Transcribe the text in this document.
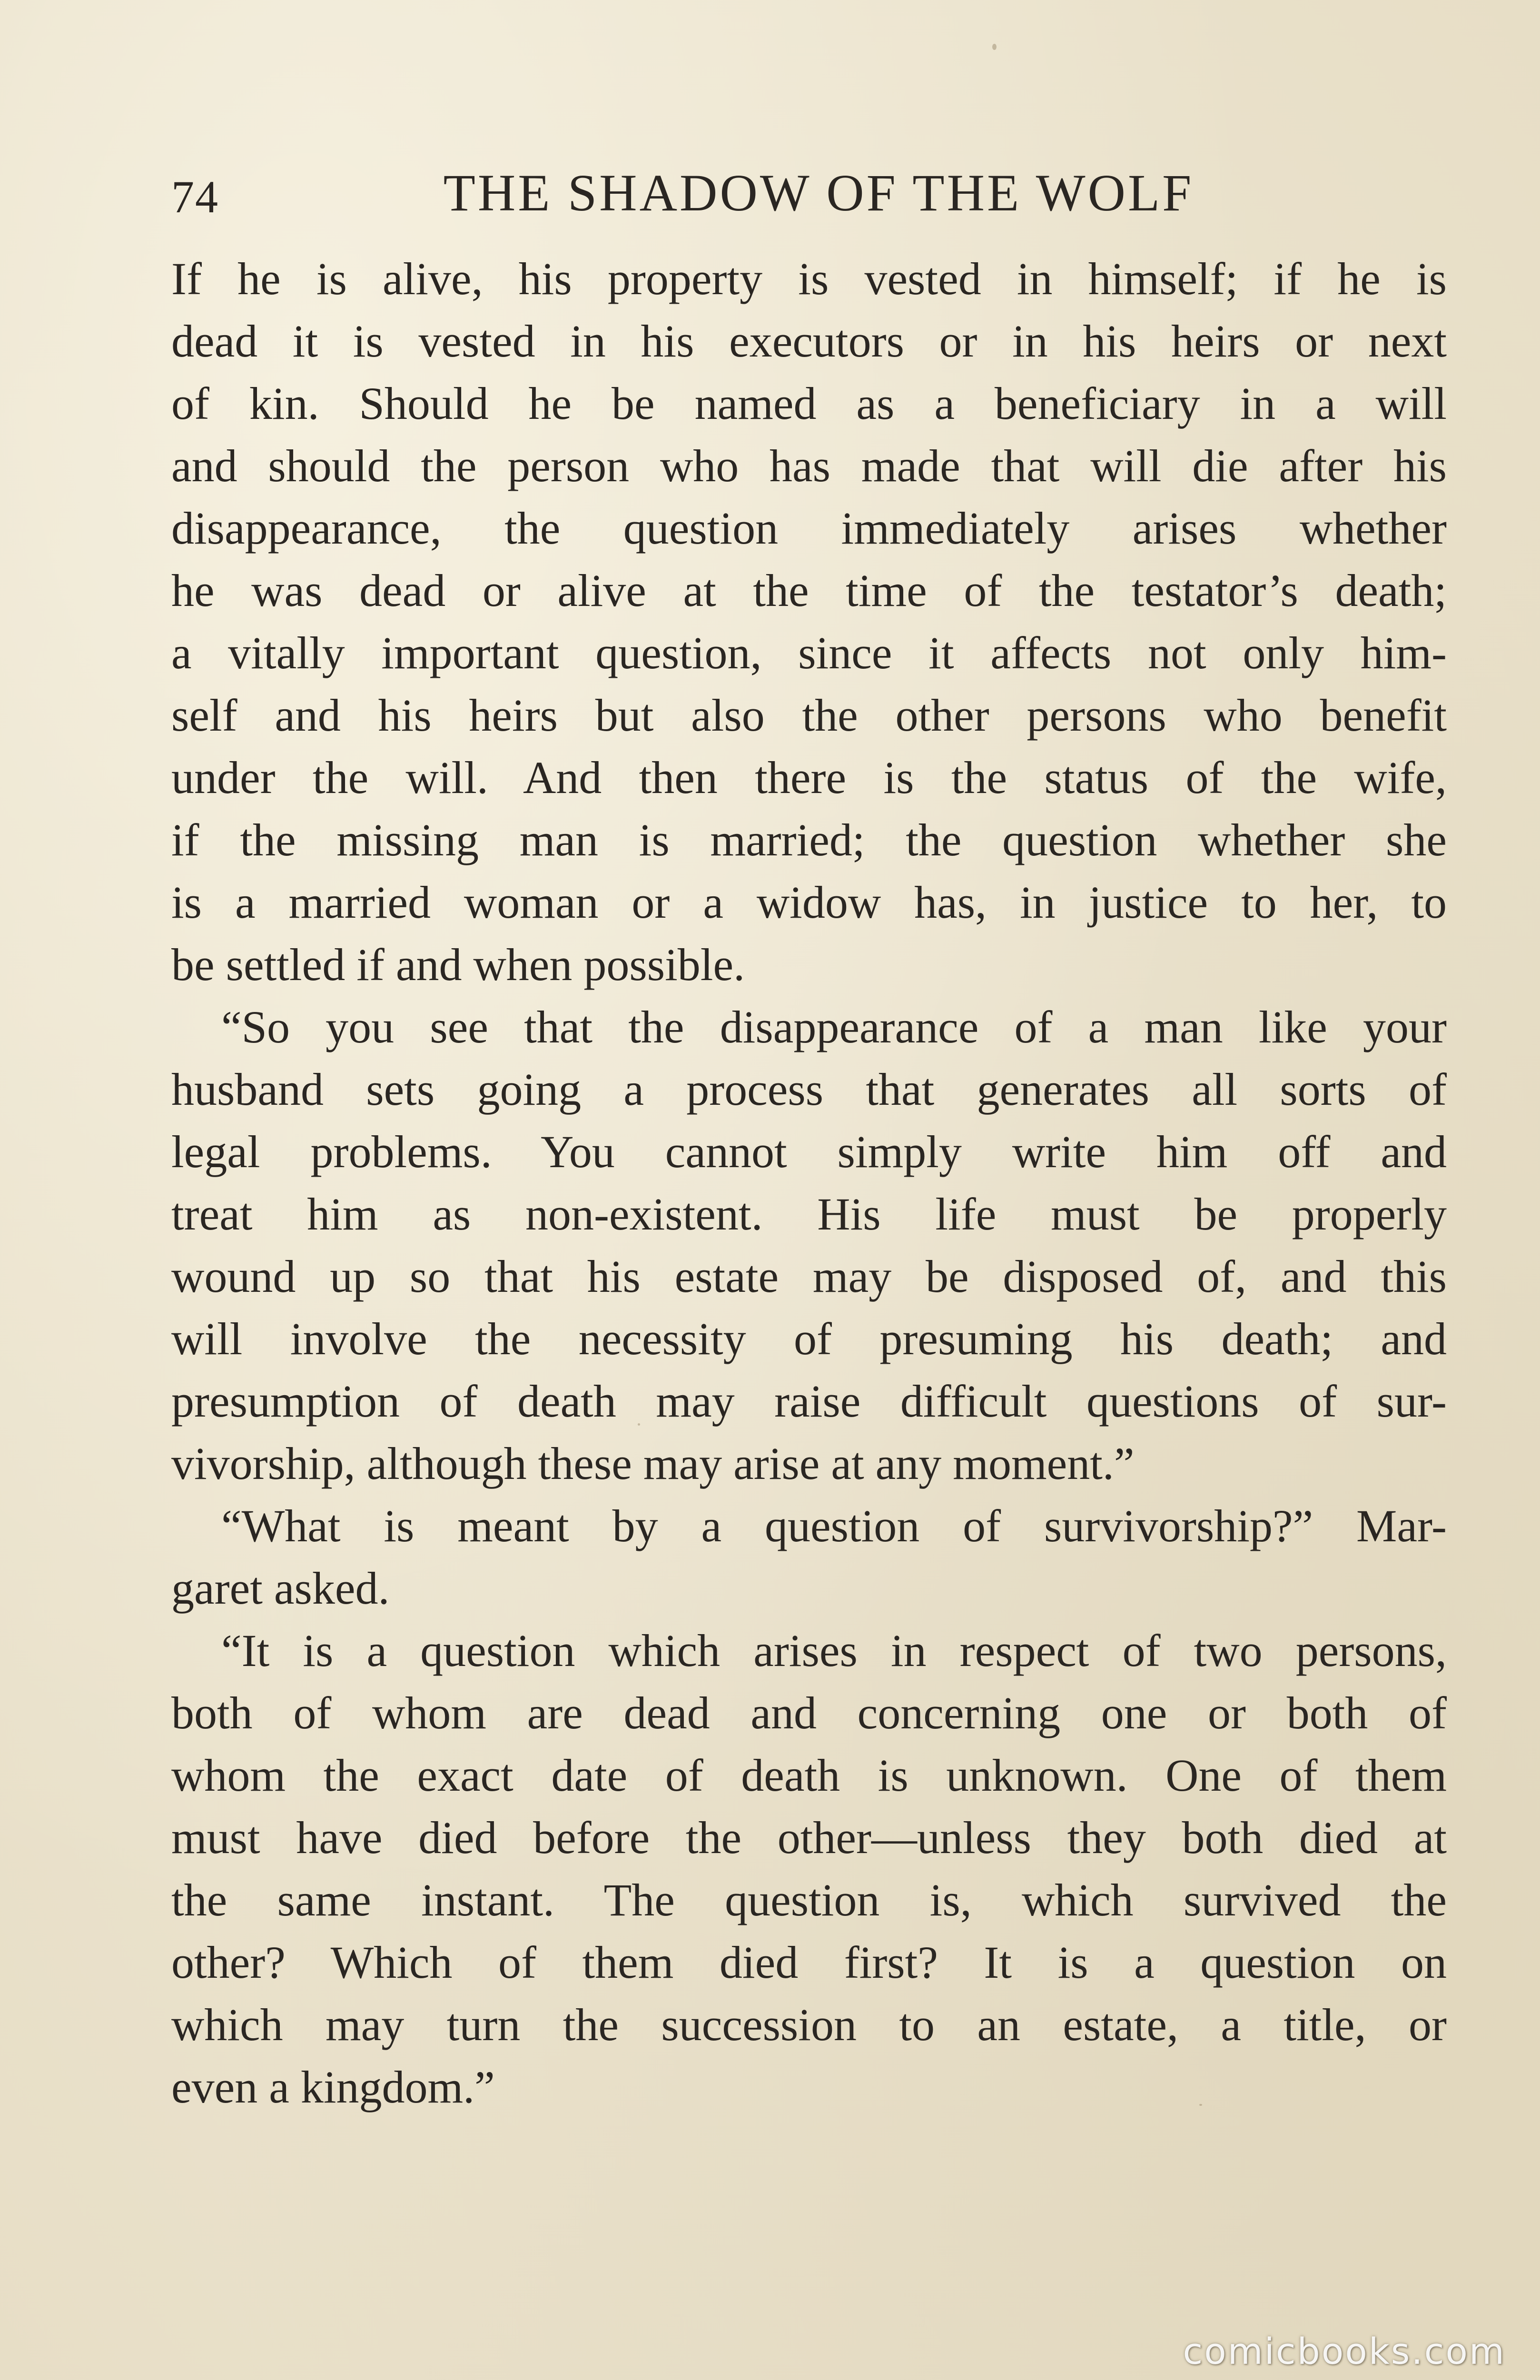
74	THE SHADOW OF THE WOLF
If he is alive, his property is vested in himself; if he is
dead it is vested in his executors or in his heirs or next
of kin. Should he be named as a beneficiary in a will
and should the person who has made that will die after his
disappearance, the question immediately arises whether
he was dead or alive at the time of the testator’s death;
a vitally important question, since it affects not only him-
self and his heirs but also the other persons who benefit
under the will. And then there is the status of the wife,
if the missing man is married; the question whether she
is a married woman or a widow has, in justice to her, to
be settled if and when possible.
“So you see that the disappearance of a man like your
husband sets going a process that generates all sorts of
legal problems. You cannot simply write him off and
treat him as non-existent. His life must be properly
wound up so that his estate may be disposed of, and this
will involve the necessity of presuming his death; and
presumption of death may raise difficult questions of sur-
vivorship, although these may arise at any moment.”
“What is meant by a question of survivorship?” Mar-
garet asked.
“It is a question which arises in respect of two persons,
both of whom are dead and concerning one or both of
whom the exact date of death is unknown. One of them
must have died before the other—unless they both died at
the same instant. The question is, which survived the
other? Which of them died first? It is a question on
which may turn the succession to an estate, a title, or
even a kingdom.”
comicbooks.com
